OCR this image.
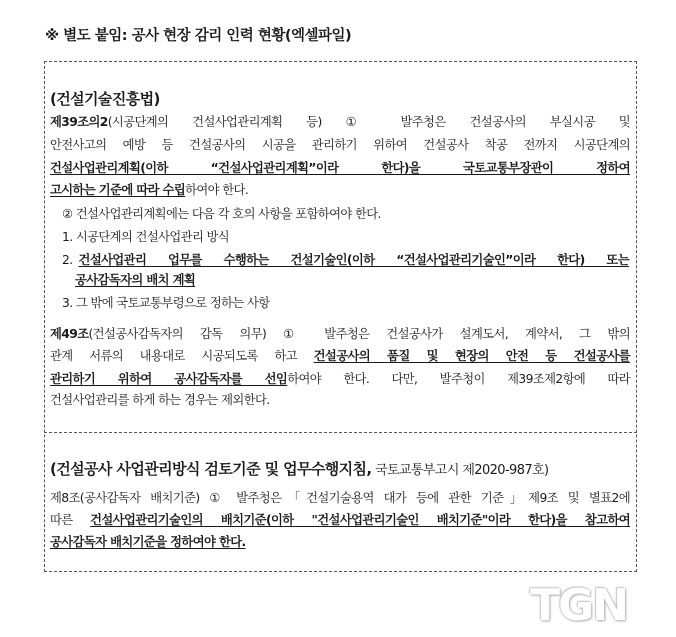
※ 별도 붙임: 공사 현장 감리 인력 현황(엑셀파일)
(건설기술진흥법)
제39조의2(시공단계의 건설사업관리계획 등) ① 발주청은 건설공사의 부실시공 및
안전사고의 예방 등 건설공사의 시공을 관리하기 위하여 건설공사 착공 전까지 시공단계의
건설사업관리계획(이하 “건설사업관리계획”이라 한다)을 국토교통부장관이 정하여
고시하는 기준에 따라 수립하여야 한다.
② 건설사업관리계획에는 다음 각 호의 사항을 포함하여야 한다.
1. 시공단계의 건설사업관리 방식
2. 건설사업관리 업무를 수행하는 건설기술인(이하 “건설사업관리기술인”이라 한다) 또는
공사감독자의 배치 계획
3. 그 밖에 국토교통부령으로 정하는 사항
제49조(건설공사감독자의 감독 의무) ① 발주청은 건설공사가 설계도서, 계약서, 그 밖의
관계 서류의 내용대로 시공되도록 하고 건설공사의 품질 및 현장의 안전 등 건설공사를
관리하기 위하여 공사감독자를 선임하여야 한다. 다만, 발주청이 제39조제2항에 따라
건설사업관리를 하게 하는 경우는 제외한다.
(건설공사 사업관리방식 검토기준 및 업무수행지침, 국토교통부고시 제2020-987호)
제8조(공사감독자 배치기준) ① 발주청은「건설기술용역 대가 등에 관한 기준」제9조 및 별표2에
따른 건설사업관리기술인의 배치기준(이하 "건설사업관리기술인 배치기준"이라 한다)을 참고하여
공사감독자 배치기준을 정하여야 한다.
TGN
